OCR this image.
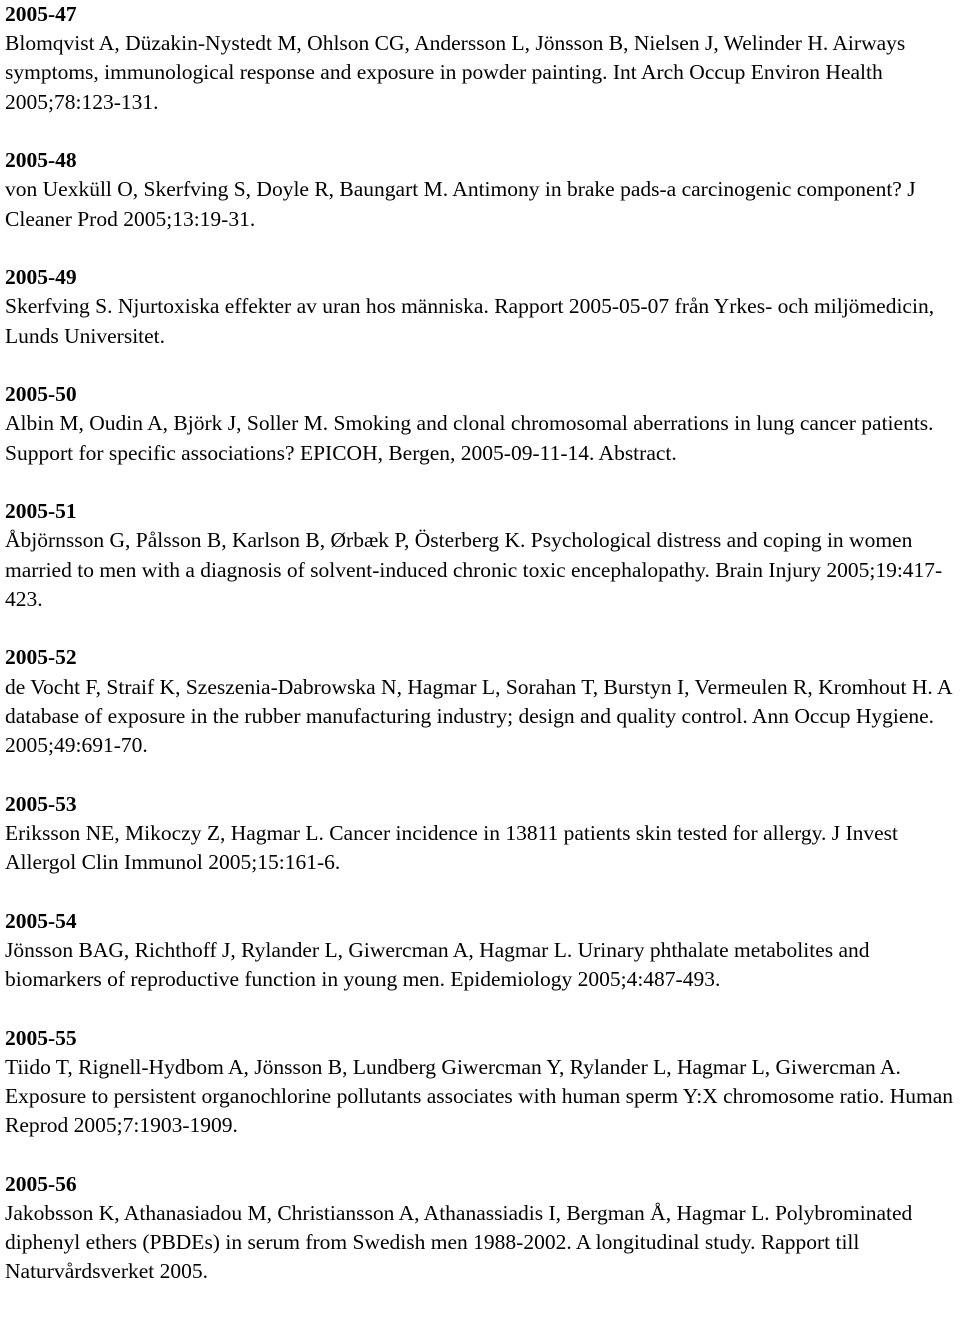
2005-47
Blomqvist A, Düzakin-Nystedt M, Ohlson CG, Andersson L, Jönsson B, Nielsen J, Welinder H. Airways symptoms, immunological response and exposure in powder painting. Int Arch Occup Environ Health 2005;78:123-131.
2005-48
von Uexküll O, Skerfving S, Doyle R, Baungart M. Antimony in brake pads-a carcinogenic component? J Cleaner Prod 2005;13:19-31.
2005-49
Skerfving S. Njurtoxiska effekter av uran hos människa. Rapport 2005-05-07 från Yrkes- och miljömedicin, Lunds Universitet.
2005-50
Albin M, Oudin A, Björk J, Soller M. Smoking and clonal chromosomal aberrations in lung cancer patients. Support for specific associations? EPICOH, Bergen, 2005-09-11-14. Abstract.
2005-51
Åbjörnsson G, Pålsson B, Karlson B, Ørbæk P, Österberg K. Psychological distress and coping in women married to men with a diagnosis of solvent-induced chronic toxic encephalopathy. Brain Injury 2005;19:417-423.
2005-52
de Vocht F, Straif K, Szeszenia-Dabrowska N, Hagmar L, Sorahan T, Burstyn I, Vermeulen R, Kromhout H. A database of exposure in the rubber manufacturing industry; design and quality control. Ann Occup Hygiene. 2005;49:691-70.
2005-53
Eriksson NE, Mikoczy Z, Hagmar L. Cancer incidence in 13811 patients skin tested for allergy. J Invest Allergol Clin Immunol 2005;15:161-6.
2005-54
Jönsson BAG, Richthoff J, Rylander L, Giwercman A, Hagmar L. Urinary phthalate metabolites and biomarkers of reproductive function in young men. Epidemiology 2005;4:487-493.
2005-55
Tiido T, Rignell-Hydbom A, Jönsson B, Lundberg Giwercman Y, Rylander L, Hagmar L, Giwercman A. Exposure to persistent organochlorine pollutants associates with human sperm Y:X chromosome ratio. Human Reprod 2005;7:1903-1909.
2005-56
Jakobsson K, Athanasiadou M, Christiansson A, Athanassiadis I, Bergman Å, Hagmar L. Polybrominated diphenyl ethers (PBDEs) in serum from Swedish men 1988-2002. A longitudinal study. Rapport till Naturvårdsverket 2005.
